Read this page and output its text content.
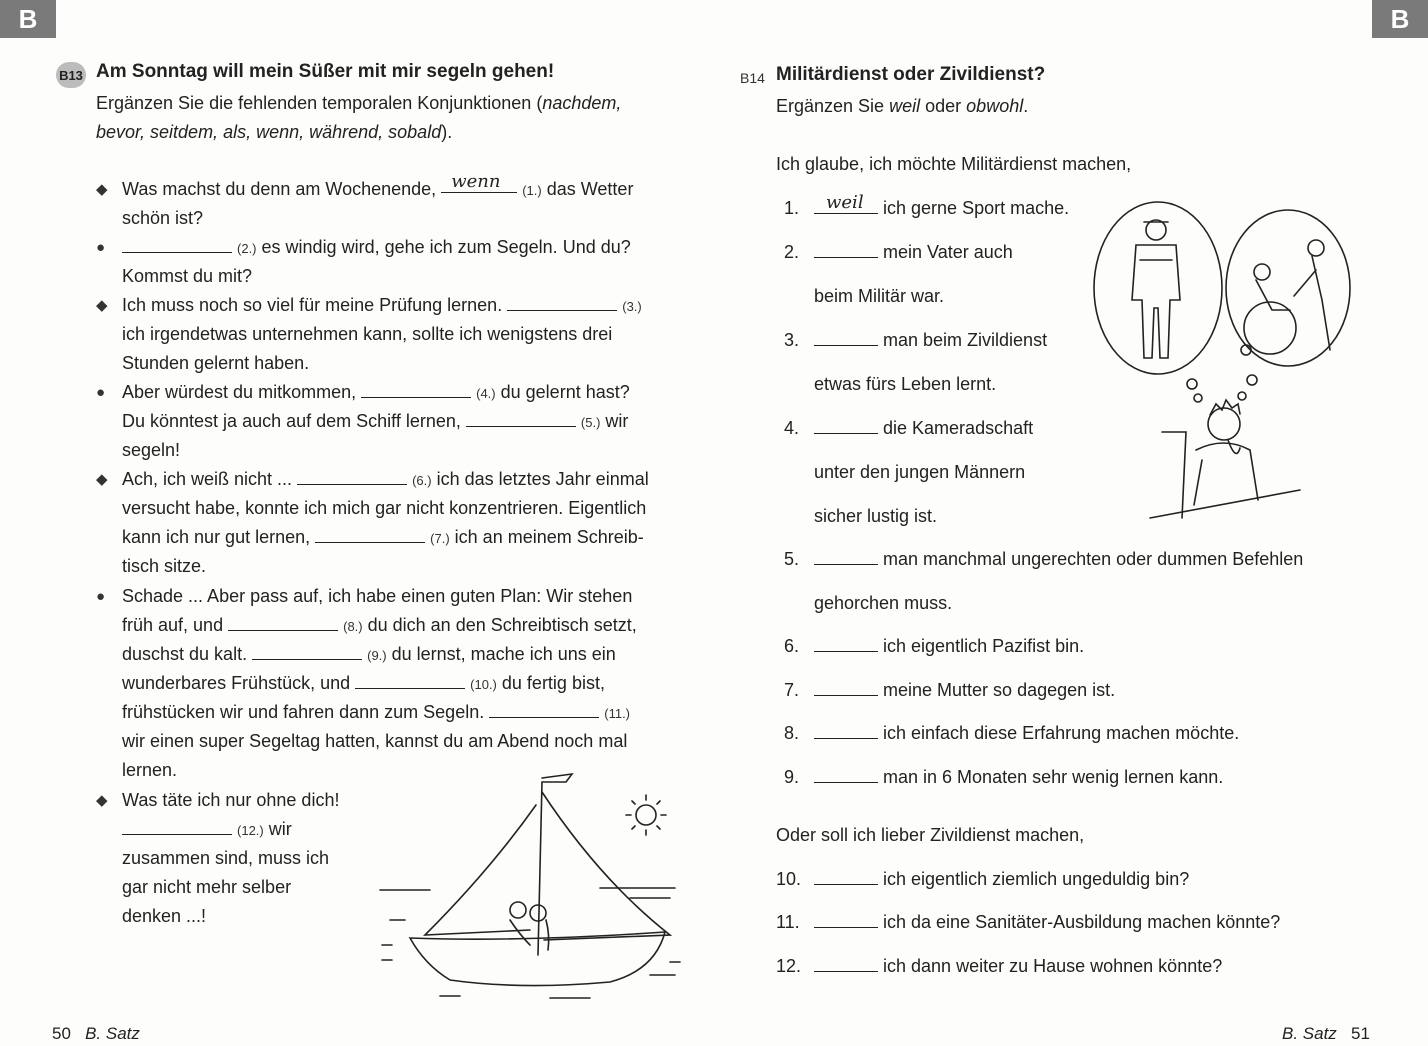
B
B13 Am Sonntag will mein Süßer mit mir segeln gehen!
Ergänzen Sie die fehlenden temporalen Konjunktionen (nachdem,
bevor, seitdem, als, wenn, während, sobald).
◆ Was machst du denn am Wochenende, wenn (1.) das Wetter
schön ist?
●	(2.) es windig wird, gehe ich zum Segeln. Und du?
Kommst du mit?
◆ Ich muss noch so viel für meine Prüfung lernen.	(3.)
ich irgendetwas unternehmen kann, sollte ich wenigstens drei
Stunden gelernt haben.
● Aber würdest du mitkommen,	(4.) du gelernt hast?
Du könntest ja auch auf dem Schiff lernen,	(5.) wir
segeln!
◆ Ach, ich weiß nicht ...	(6.) ich das letztes Jahr einmal
versucht habe, konnte ich mich gar nicht konzentrieren. Eigentlich
kann ich nur gut lernen,	(7.) ich an meinem Schreib-
tisch sitze.
● Schade ... Aber pass auf, ich habe einen guten Plan: Wir stehen
früh auf, und	(8.) du dich an den Schreibtisch setzt,
duschst du kalt.	(9.) du lernst, mache ich uns ein
wunderbares Frühstück, und	(10.) du fertig bist,
frühstücken wir und fahren dann zum Segeln.	(11.)
wir einen super Segeltag hatten, kannst du am Abend noch mal
lernen.
◆ Was täte ich nur ohne dich!
(12.) wir
zusammen sind, muss ich
gar nicht mehr selber
denken ...!
50 B. Satz
B
B14 Militärdienst oder Zivildienst?
Ergänzen Sie weil oder obwohl.
Ich glaube, ich möchte Militärdienst machen,
1.	weil ich gerne Sport mache.
2.	mein Vater auch
beim Militär war.
3.	man beim Zivildienst
etwas fürs Leben lernt.
4.	die Kameradschaft
unter den jungen Männern
sicher lustig ist.
5.	man manchmal ungerechten oder dummen Befehlen
gehorchen muss.
6.	ich eigentlich Pazifist bin.
7.	meine Mutter so dagegen ist.
8.	ich einfach diese Erfahrung machen möchte.
9.	man in 6 Monaten sehr wenig lernen kann.
Oder soll ich lieber Zivildienst machen,
10.	ich eigentlich ziemlich ungeduldig bin?
11.	ich da eine Sanitäter-Ausbildung machen könnte?
12.	ich dann weiter zu Hause wohnen könnte?
B. Satz 51
